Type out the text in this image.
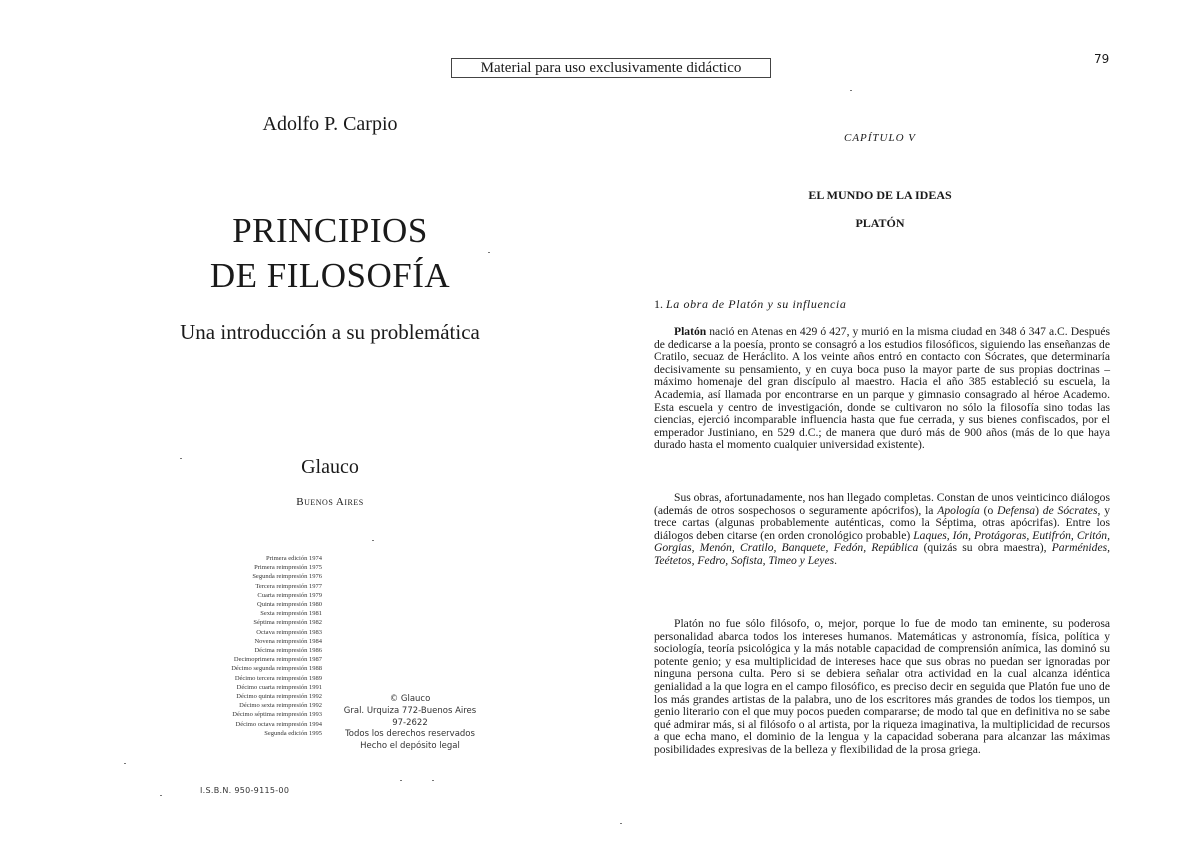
Material para uso exclusivamente didáctico
79
Adolfo P. Carpio
PRINCIPIOS
DE FILOSOFÍA
Una introducción a su problemática
Glauco
Buenos Aires
Primera edición 1974
Primera reimpresión 1975
Segunda reimpresión 1976
Tercera reimpresión 1977
Cuarta reimpresión 1979
Quinta reimpresión 1980
Sexta reimpresión 1981
Séptima reimpresión 1982
Octava reimpresión 1983
Novena reimpresión 1984
Décima reimpresión 1986
Decimoprimera reimpresión 1987
Décimo segunda reimpresión 1988
Décimo tercera reimpresión 1989
Décimo cuarta reimpresión 1991
Décimo quinta reimpresión 1992
Décimo sexta reimpresión 1992
Décimo séptima reimpresión 1993
Décimo octava reimpresión 1994
Segunda edición 1995
© Glauco
Gral. Urquiza 772-Buenos Aires
97-2622
Todos los derechos reservados
Hecho el depósito legal
I.S.B.N. 950-9115-00
CAPÍTULO V
EL MUNDO DE LA IDEAS
PLATÓN
1. La obra de Platón y su influencia

Platón nació en Atenas en 429 ó 427, y murió en la misma ciudad en 348 ó 347 a.C. Después de dedicarse a la poesía, pronto se consagró a los estudios filosóficos, siguiendo las enseñanzas de Cratilo, secuaz de Heráclito. A los veinte años entró en contacto con Sócrates, que determinaría decisivamente su pensamiento, y en cuya boca puso la mayor parte de sus propias doctrinas –máximo homenaje del gran discípulo al maestro. Hacia el año 385 estableció su escuela, la Academia, así llamada por encontrarse en un parque y gimnasio consagrado al héroe Academo. Esta escuela y centro de investigación, donde se cultivaron no sólo la filosofía sino todas las ciencias, ejerció incomparable influencia hasta que fue cerrada, y sus bienes confiscados, por el emperador Justiniano, en 529 d.C.; de manera que duró más de 900 años (más de lo que haya durado hasta el momento cualquier universidad existente).

Sus obras, afortunadamente, nos han llegado completas. Constan de unos veinticinco diálogos (además de otros sospechosos o seguramente apócrifos), la Apología (o Defensa) de Sócrates, y trece cartas (algunas probablemente auténticas, como la Séptima, otras apócrifas). Entre los diálogos deben citarse (en orden cronológico probable) Laques, Ión, Protágoras, Eutifrón, Critón, Gorgias, Menón, Cratilo, Banquete, Fedón, República (quizás su obra maestra), Parménides, Teétetos, Fedro, Sofista, Timeo y Leyes.

Platón no fue sólo filósofo, o, mejor, porque lo fue de modo tan eminente, su poderosa personalidad abarca todos los intereses humanos. Matemáticas y astronomía, física, política y sociología, teoría psicológica y la más notable capacidad de comprensión anímica, las dominó su potente genio; y esa multiplicidad de intereses hace que sus obras no puedan ser ignoradas por ninguna persona culta. Pero si se debiera señalar otra actividad en la cual alcanza idéntica genialidad a la que logra en el campo filosófico, es preciso decir en seguida que Platón fue uno de los más grandes artistas de la palabra, uno de los escritores más grandes de todos los tiempos, un genio literario con el que muy pocos pueden compararse; de modo tal que en definitiva no se sabe qué admirar más, si al filósofo o al artista, por la riqueza imaginativa, la multiplicidad de recursos a que echa mano, el dominio de la lengua y la capacidad soberana para alcanzar las máximas posibilidades expresivas de la belleza y flexibilidad de la prosa griega.
